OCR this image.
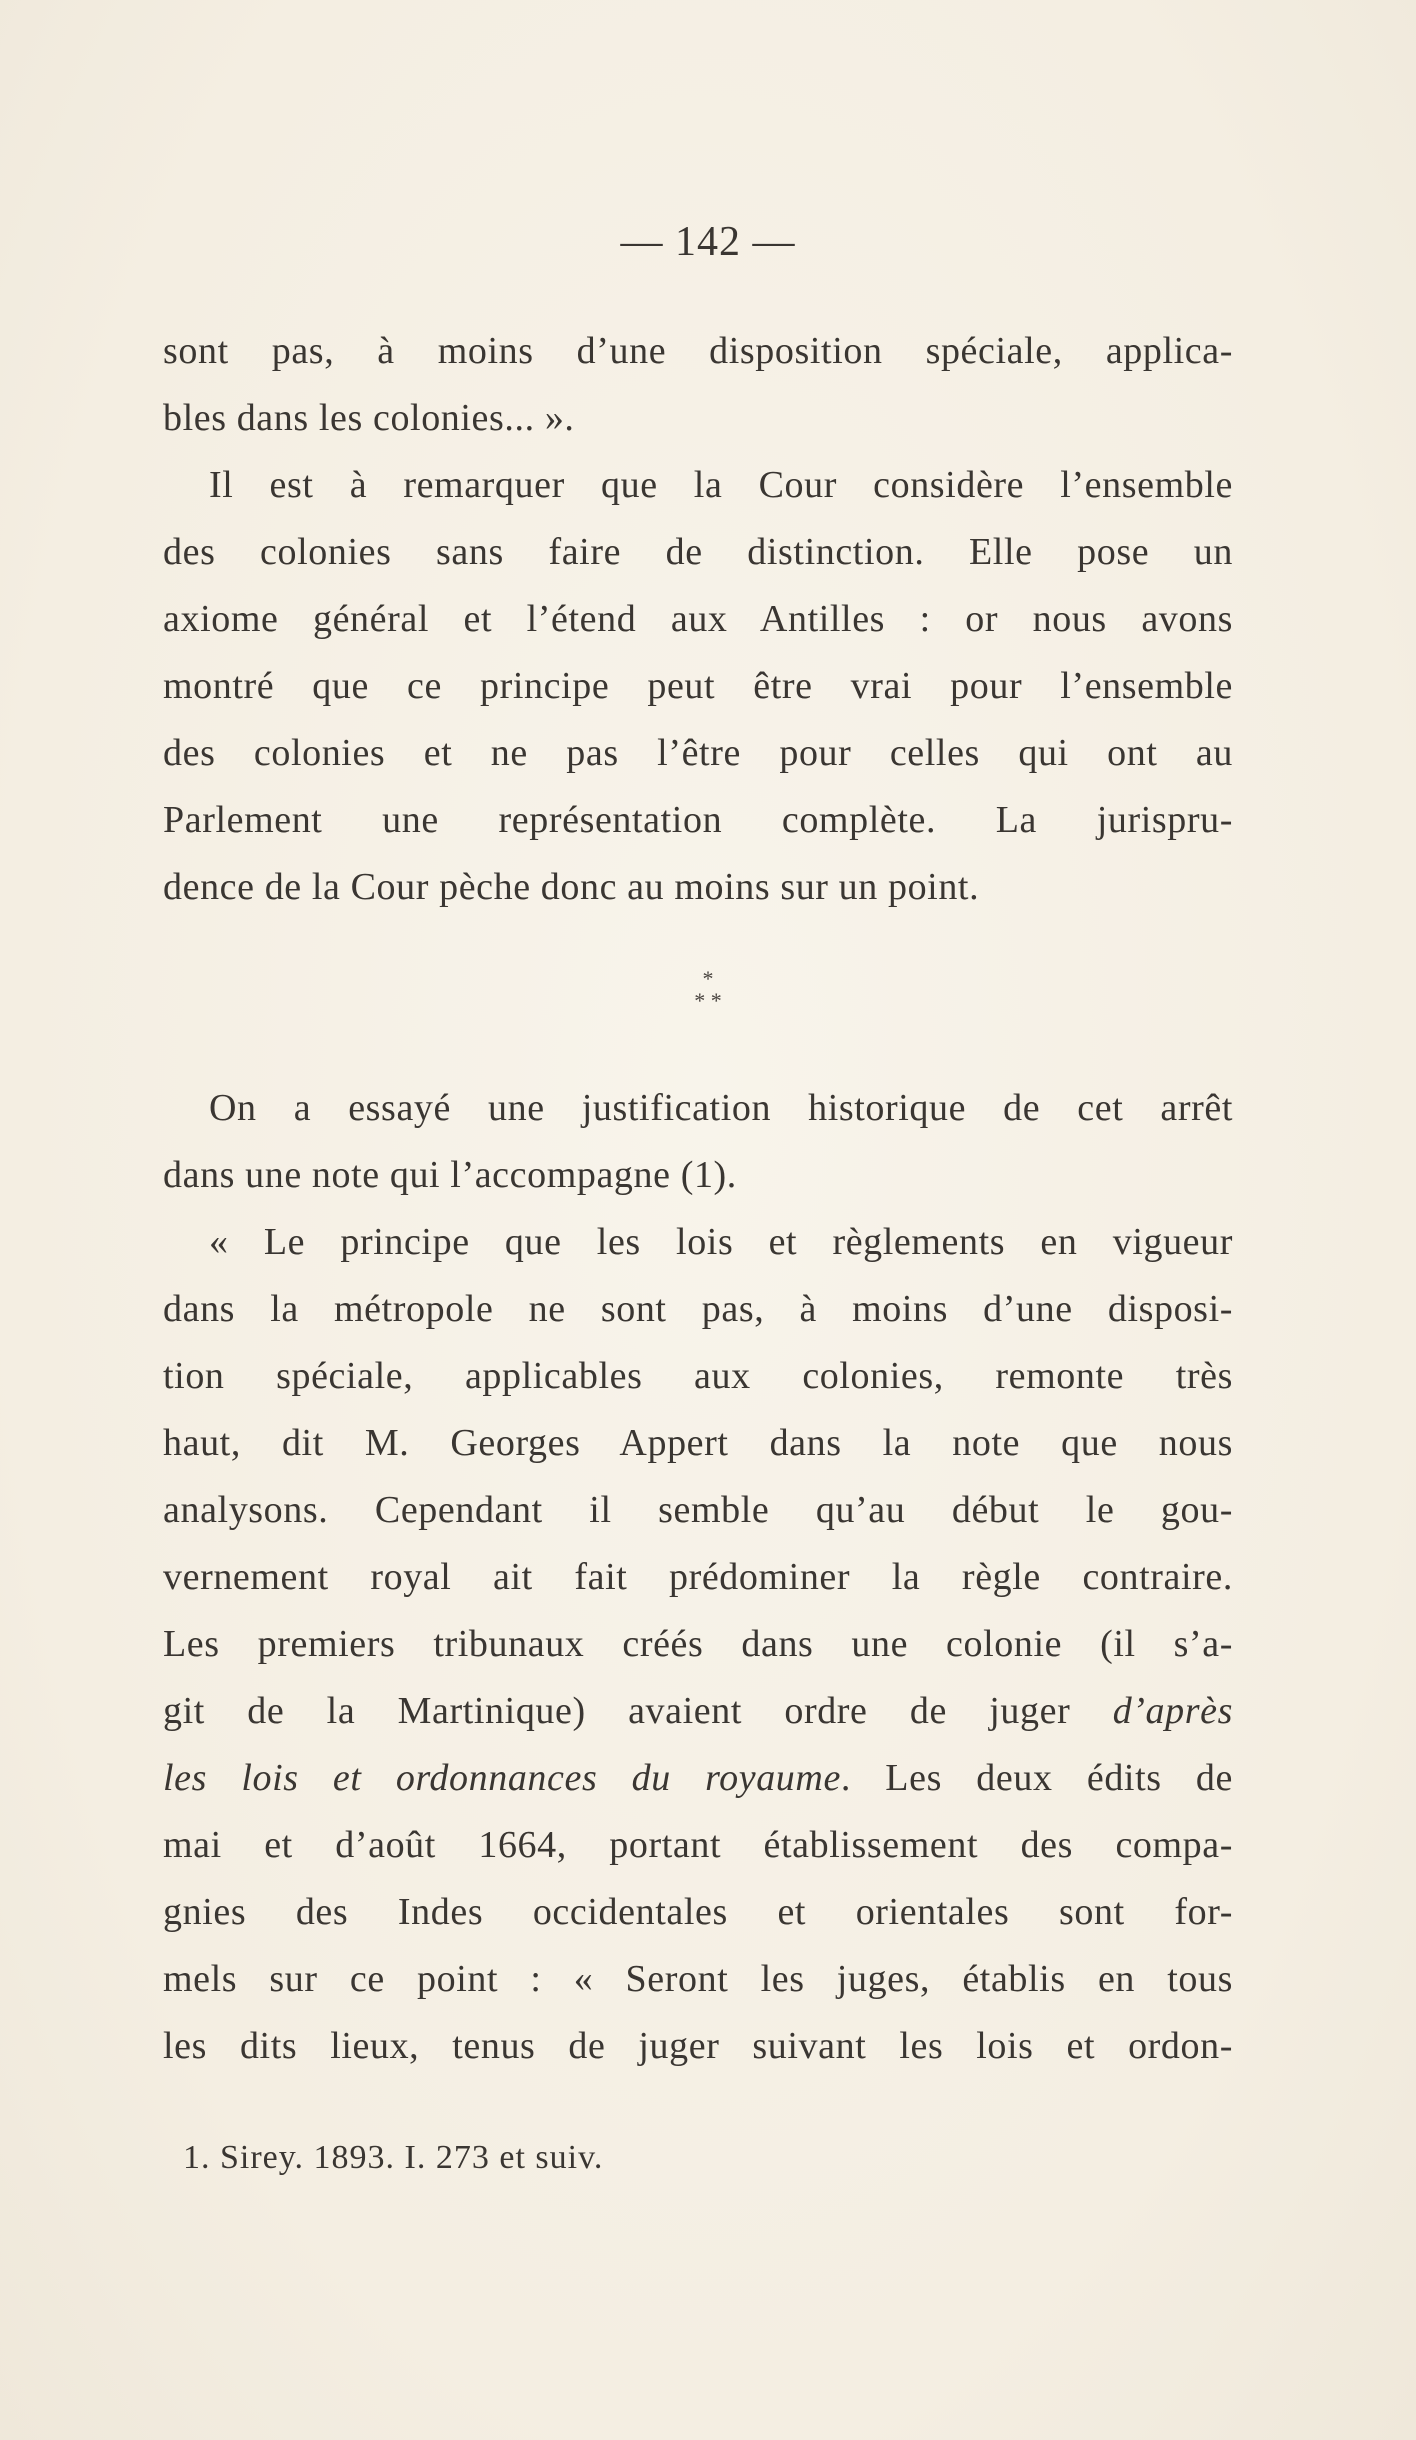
— 142 —
sont pas, à moins d’une disposition spéciale, applica-
bles dans les colonies... ».
Il est à remarquer que la Cour considère l’ensemble
des colonies sans faire de distinction. Elle pose un
axiome général et l’étend aux Antilles : or nous avons
montré que ce principe peut être vrai pour l’ensemble
des colonies et ne pas l’être pour celles qui ont au
Parlement une représentation complète. La jurispru-
dence de la Cour pèche donc au moins sur un point.
*
* *
On a essayé une justification historique de cet arrêt
dans une note qui l’accompagne (1).
« Le principe que les lois et règlements en vigueur
dans la métropole ne sont pas, à moins d’une disposi-
tion spéciale, applicables aux colonies, remonte très
haut, dit M. Georges Appert dans la note que nous
analysons. Cependant il semble qu’au début le gou-
vernement royal ait fait prédominer la règle contraire.
Les premiers tribunaux créés dans une colonie (il s’a-
git de la Martinique) avaient ordre de juger d’après
les lois et ordonnances du royaume. Les deux édits de
mai et d’août 1664, portant établissement des compa-
gnies des Indes occidentales et orientales sont for-
mels sur ce point : « Seront les juges, établis en tous
les dits lieux, tenus de juger suivant les lois et ordon-
1. Sirey. 1893. I. 273 et suiv.
